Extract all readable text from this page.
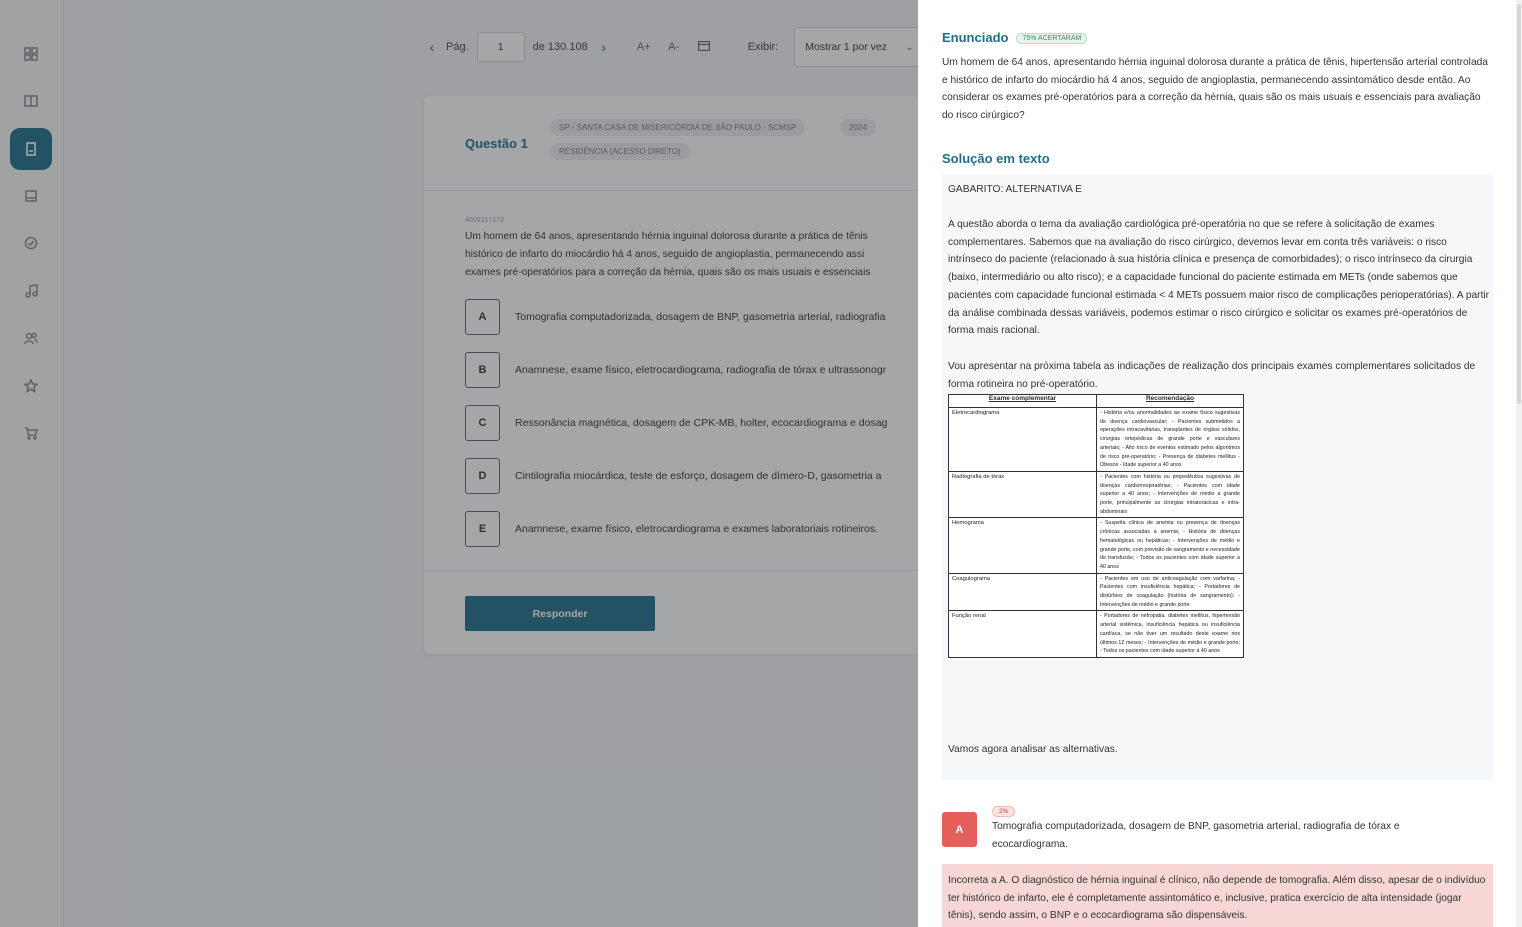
‹	Pág.
1	de 130.108 ›	A+	A-	Exibir:	Mostrar 1 por vez ⌄
Questão 1
SP - SANTA CASA DE MISERICÓRDIA DE SÃO PAULO - SCMSP	2024
RESIDÊNCIA (ACESSO DIRETO)
4000217173
Um homem de 64 anos, apresentando hérnia inguinal dolorosa durante a prática de tênis
histórico de infarto do miocárdio há 4 anos, seguido de angioplastia, permanecendo assi
exames pré-operatórios para a correção da hérnia, quais são os mais usuais e essenciais
A	Tomografia computadorizada, dosagem de BNP, gasometria arterial, radiografia
B	Anamnese, exame físico, eletrocardiograma, radiografia de tórax e ultrassonogr
C	Ressonância magnética, dosagem de CPK-MB, holter, ecocardiograma e dosag
D	Cintilografia miocárdica, teste de esforço, dosagem de dímero-D, gasometria a
E	Anamnese, exame físico, eletrocardiograma e exames laboratoriais rotineiros.
Responder
Enunciado 75% ACERTARAM

Um homem de 64 anos, apresentando hérnia inguinal dolorosa durante a prática de tênis, hipertensão arterial controlada e histórico de infarto do miocárdio há 4 anos, seguido de angioplastia, permanecendo assintomático desde então. Ao considerar os exames pré-operatórios para a correção da hérnia, quais são os mais usuais e essenciais para avaliação do risco cirúrgico?

Solução em texto

GABARITO: ALTERNATIVA E

A questão aborda o tema da avaliação cardiológica pré-operatória no que se refere à solicitação de exames complementares. Sabemos que na avaliação do risco cirúrgico, devemos levar em conta três variáveis: o risco intrínseco do paciente (relacionado à sua história clínica e presença de comorbidades); o risco intrínseco da cirurgia (baixo, intermediário ou alto risco); e a capacidade funcional do paciente estimada em METs (onde sabemos que pacientes com capacidade funcional estimada < 4 METs possuem maior risco de complicações perioperatórias). A partir da análise combinada dessas variáveis, podemos estimar o risco cirúrgico e solicitar os exames pré-operatórios de forma mais racional.

Vou apresentar na próxima tabela as indicações de realização dos principais exames complementares solicitados de forma rotineira no pré-operatório.

Exame complementar	Recomendação
Eletrocardiograma	- História e/ou anormalidades ao exame físico sugestivas de doença cardiovascular; - Pacientes submetidos a operações intracavitárias, transplantes de órgãos sólidos, cirurgias ortopédicas de grande porte e vasculares arteriais; - Alto risco de eventos estimado pelos algoritmos de risco pré-operatório; - Presença de diabetes mellitus - Obesos - Idade superior a 40 anos
Radiografia de tórax	- Pacientes com história ou propedêutica sugestivas de doenças cardiorrespiratórias; - Pacientes com idade superior a 40 anos; - Intervenções de médio a grande porte, principalmente as cirurgias intratorácicas e intra-abdominais
Hemograma	- Suspeita clínica de anemia ou presença de doenças crônicas associadas à anemia; - História de doenças hematológicas ou hepáticas; - Intervenções de médio e grande porte, com previsão de sangramento e necessidade de transfusão; - Todos os pacientes com idade superior a 40 anos
Coagulograma	- Pacientes em uso de anticoagulação com varfarina; - Pacientes com insuficiência hepática; - Portadores de distúrbios de coagulação (história de sangramento); - Intervenções de médio e grande porte
Função renal	- Portadores de nefropatia, diabetes mellitus, hipertensão arterial sistêmica, insuficiência hepática ou insuficiência cardíaca, se não tiver um resultado deste exame nos últimos 12 meses; - Intervenções de médio e grande porte; - Todos os pacientes com idade superior a 40 anos

Vamos agora analisar as alternativas.

2%
A	Tomografia computadorizada, dosagem de BNP, gasometria arterial, radiografia de tórax e ecocardiograma.

Incorreta a A. O diagnóstico de hérnia inguinal é clínico, não depende de tomografia. Além disso, apesar de o indivíduo ter histórico de infarto, ele é completamente assintomático e, inclusive, pratica exercício de alta intensidade (jogar tênis), sendo assim, o BNP e o ecocardiograma são dispensáveis.
